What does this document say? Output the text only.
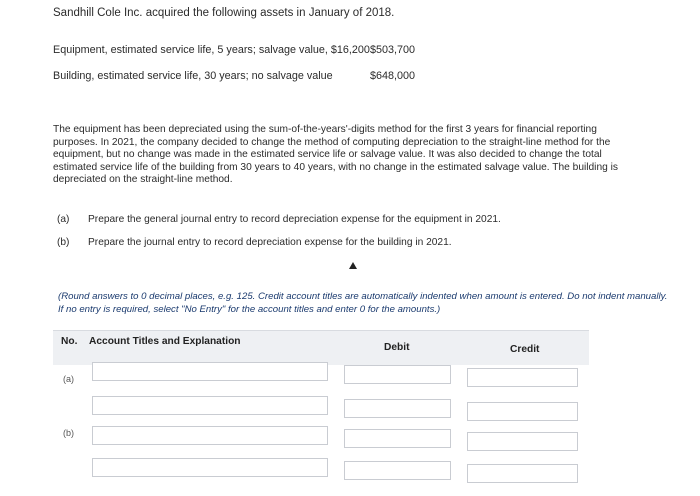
Sandhill Cole Inc. acquired the following assets in January of 2018.
Equipment, estimated service life, 5 years; salvage value, $16,200 $503,700
Building, estimated service life, 30 years; no salvage value	$648,000
The equipment has been depreciated using the sum-of-the-years'-digits method for the first 3 years for financial reporting purposes. In 2021, the company decided to change the method of computing depreciation to the straight-line method for the equipment, but no change was made in the estimated service life or salvage value. It was also decided to change the total estimated service life of the building from 30 years to 40 years, with no change in the estimated salvage value. The building is depreciated on the straight-line method.
(a) Prepare the general journal entry to record depreciation expense for the equipment in 2021.
(b) Prepare the journal entry to record depreciation expense for the building in 2021.
(Round answers to 0 decimal places, e.g. 125. Credit account titles are automatically indented when amount is entered. Do not indent manually.
If no entry is required, select "No Entry" for the account titles and enter 0 for the amounts.)
No. Account Titles and Explanation
Debit	Credit
(a)
(b)
